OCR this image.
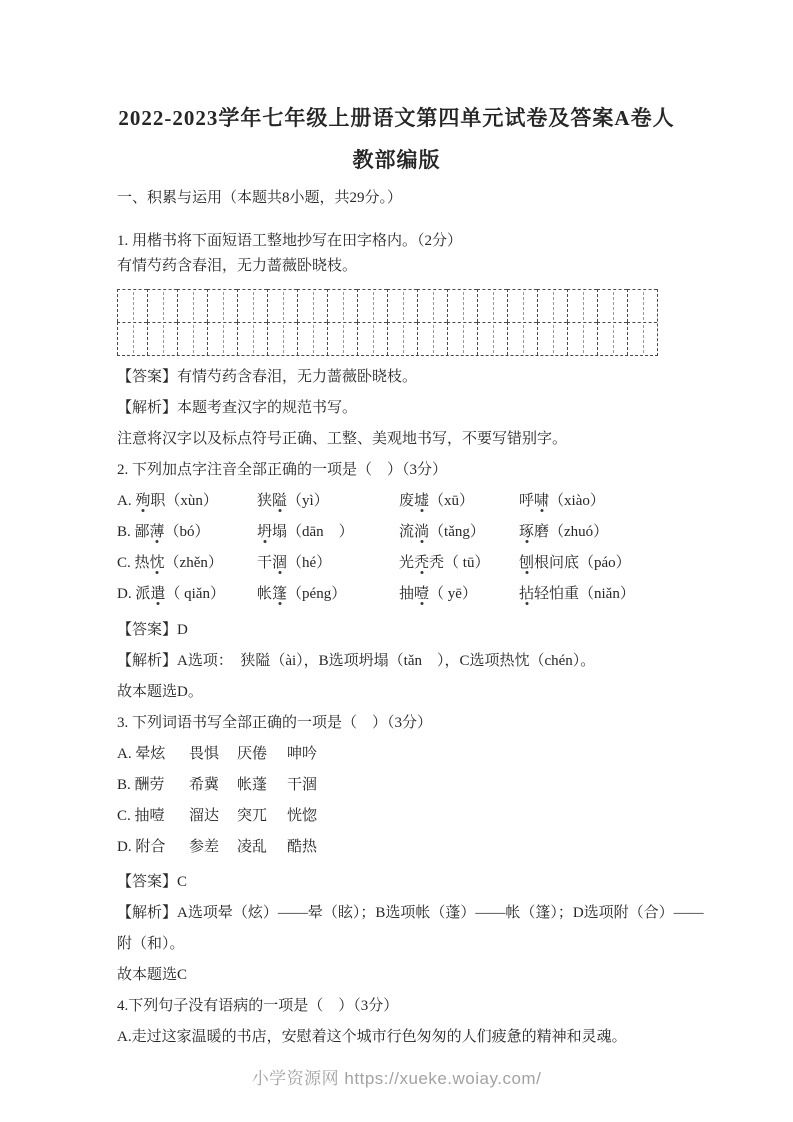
2022-2023学年七年级上册语文第四单元试卷及答案A卷人
教部编版

一、积累与运用（本题共8小题，共29分。）

1. 用楷书将下面短语工整地抄写在田字格内。（2分）

有情芍药含春泪，无力蔷薇卧晓枝。

【答案】有情芍药含春泪，无力蔷薇卧晓枝。

【解析】本题考查汉字的规范书写。

注意将汉字以及标点符号正确、工整、美观地书写，不要写错别字。

2. 下列加点字注音全部正确的一项是（　）（3分）

A. 殉职（xùn）	狭隘（yì）	废墟（xū）	呼啸（xiào）
B. 鄙薄（bó）	坍塌（dān　）	流淌（tǎng）	琢磨（zhuó）
C. 热忱（zhěn）	干涸（hé）	光秃秃（ tū）	刨根问底（páo）
D. 派遣（ qiǎn）	帐篷（péng）	抽噎（ yē）	拈轻怕重（niǎn）

【答案】D

【解析】A选项：　狭隘（ài），B选项坍塌（tǎn　），C选项热忱（chén）。

故本题选D。

3. 下列词语书写全部正确的一项是（　）（3分）

A. 晕炫	畏惧	厌倦	呻吟
B. 酬劳	希冀	帐蓬	干涸
C. 抽噎	溜达	突兀	恍惚
D. 附合	参差	凌乱	酷热

【答案】C

【解析】A选项晕（炫）——晕（眩）；B选项帐（蓬）——帐（篷）；D选项附（合）——

附（和）。

故本题选C

4.下列句子没有语病的一项是（　）（3分）

A.走过这家温暖的书店，安慰着这个城市行色匆匆的人们疲惫的精神和灵魂。

小学资源网 https://xueke.woiay.com/
